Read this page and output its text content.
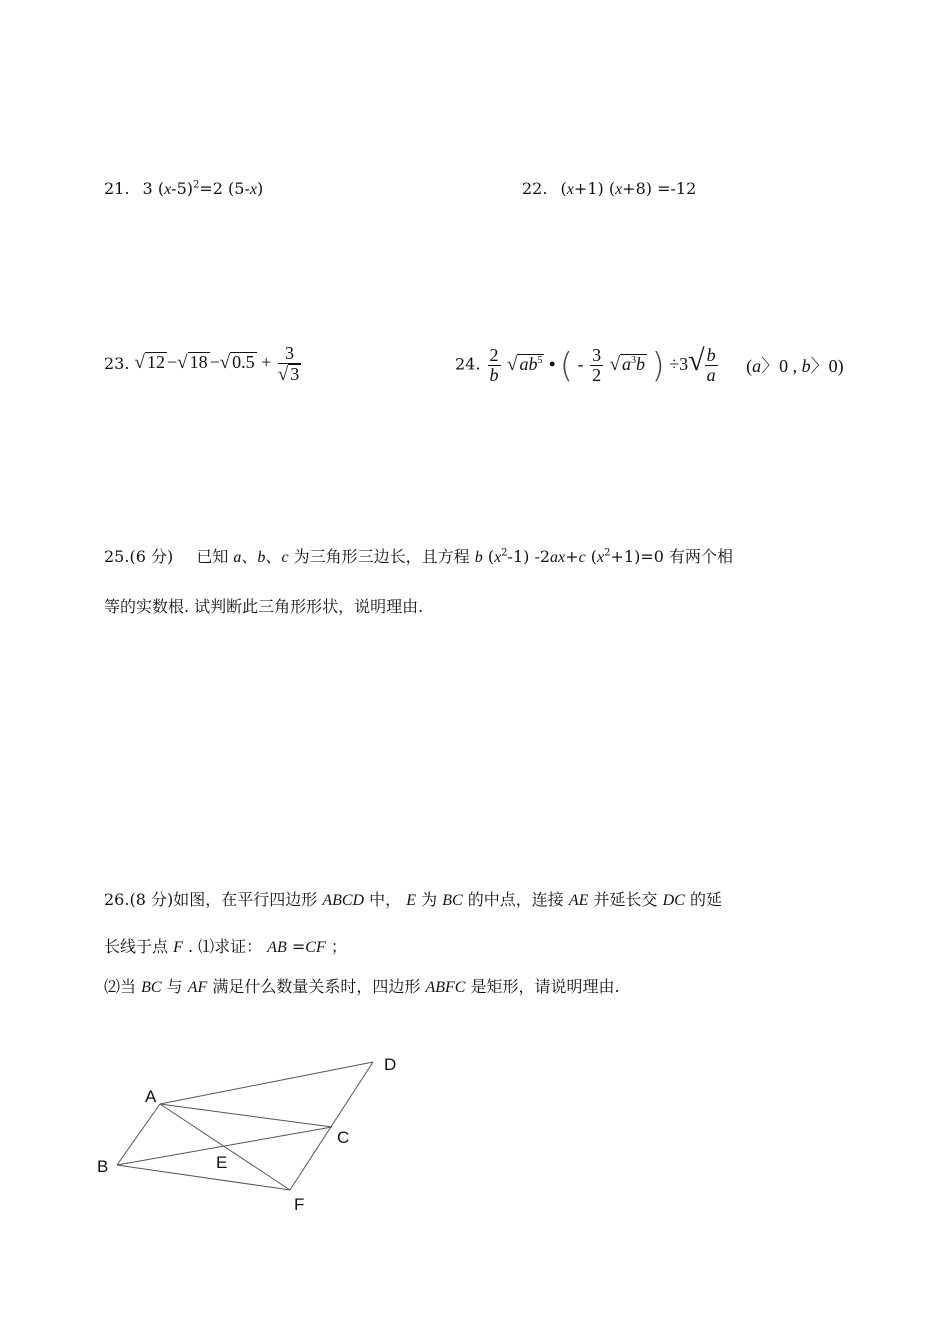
21. 3 $(x-5)^2=2$ (5-x)	22. (x+1) (x+8) =-12
23. √ 12 −√ 18 −√ $0.5 + \frac{3}{√ 3}$	24. $\frac{2}{b}$ √ $ab^5$ • ( - $\frac{3}{2}$ √ $a^3b$ ) $\div 3√ \frac{b}{a} (a$〉0 , b〉0)
25.(6 分) 已知 a、b、c 为三角形三边长，且方程 b $(x^2-1)$ -2ax+c $(x^2+1)=0$ 有两个相
等的实数根. 试判断此三角形形状，说明理由.
26.(8 分)如图，在平行四边形 ABCD 中， E 为 BC 的中点，连接 AE 并延长交 DC 的延
长线于点 F . ⑴求证： AB =CF ；
⑵当 BC 与 AF 满足什么数量关系时，四边形 ABFC 是矩形，请说明理由.
A
B
C
D
E
F
